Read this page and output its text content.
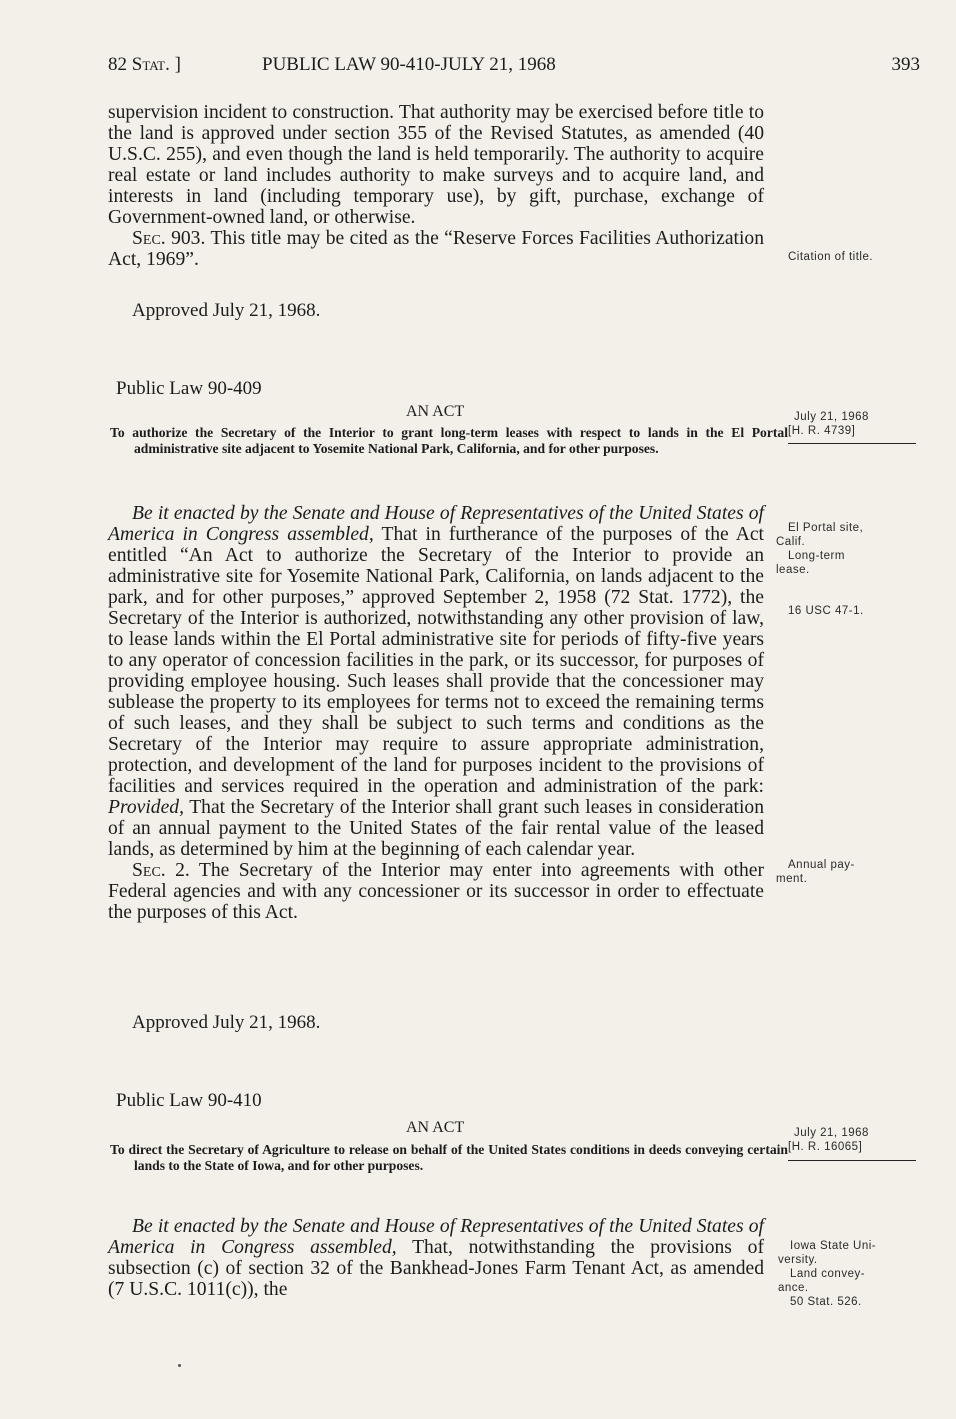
82 Stat. ]	PUBLIC LAW 90-410-JULY 21, 1968	393

supervision incident to construction. That authority may be exercised before title to the land is approved under section 355 of the Revised Statutes, as amended (40 U.S.C. 255), and even though the land is held temporarily. The authority to acquire real estate or land includes authority to make surveys and to acquire land, and interests in land (including temporary use), by gift, purchase, exchange of Government-owned land, or otherwise.

Sec. 903. This title may be cited as the “Reserve Forces Facilities Authorization Act, 1969”.

Approved July 21, 1968.
Public Law 90-409
AN ACT
To authorize the Secretary of the Interior to grant long-term leases with respect to lands in the El Portal administrative site adjacent to Yosemite National Park, California, and for other purposes.

Be it enacted by the Senate and House of Representatives of the United States of America in Congress assembled, That in furtherance of the purposes of the Act entitled “An Act to authorize the Secretary of the Interior to provide an administrative site for Yosemite National Park, California, on lands adjacent to the park, and for other purposes,” approved September 2, 1958 (72 Stat. 1772), the Secretary of the Interior is authorized, notwithstanding any other provision of law, to lease lands within the El Portal administrative site for periods of fifty-five years to any operator of concession facilities in the park, or its successor, for purposes of providing employee housing. Such leases shall provide that the concessioner may sublease the property to its employees for terms not to exceed the remaining terms of such leases, and they shall be subject to such terms and conditions as the Secretary of the Interior may require to assure appropriate administration, protection, and development of the land for purposes incident to the provisions of facilities and services required in the operation and administration of the park: Provided, That the Secretary of the Interior shall grant such leases in consideration of an annual payment to the United States of the fair rental value of the leased lands, as determined by him at the beginning of each calendar year.

Sec. 2. The Secretary of the Interior may enter into agreements with other Federal agencies and with any concessioner or its successor in order to effectuate the purposes of this Act.

Approved July 21, 1968.
Public Law 90-410
AN ACT
To direct the Secretary of Agriculture to release on behalf of the United States conditions in deeds conveying certain lands to the State of Iowa, and for other purposes.

Be it enacted by the Senate and House of Representatives of the United States of America in Congress assembled, That, notwithstanding the provisions of subsection (c) of section 32 of the Bankhead-Jones Farm Tenant Act, as amended (7 U.S.C. 1011(c)), the

Citation of title.
July 21, 1968
[H. R. 4739]
El Portal site,
Calif.
Long-term
lease.
16 USC 47-1.
Annual pay-
ment.
July 21, 1968
[H. R. 16065]
Iowa State Uni-
versity.
Land convey-
ance.
50 Stat. 526.
